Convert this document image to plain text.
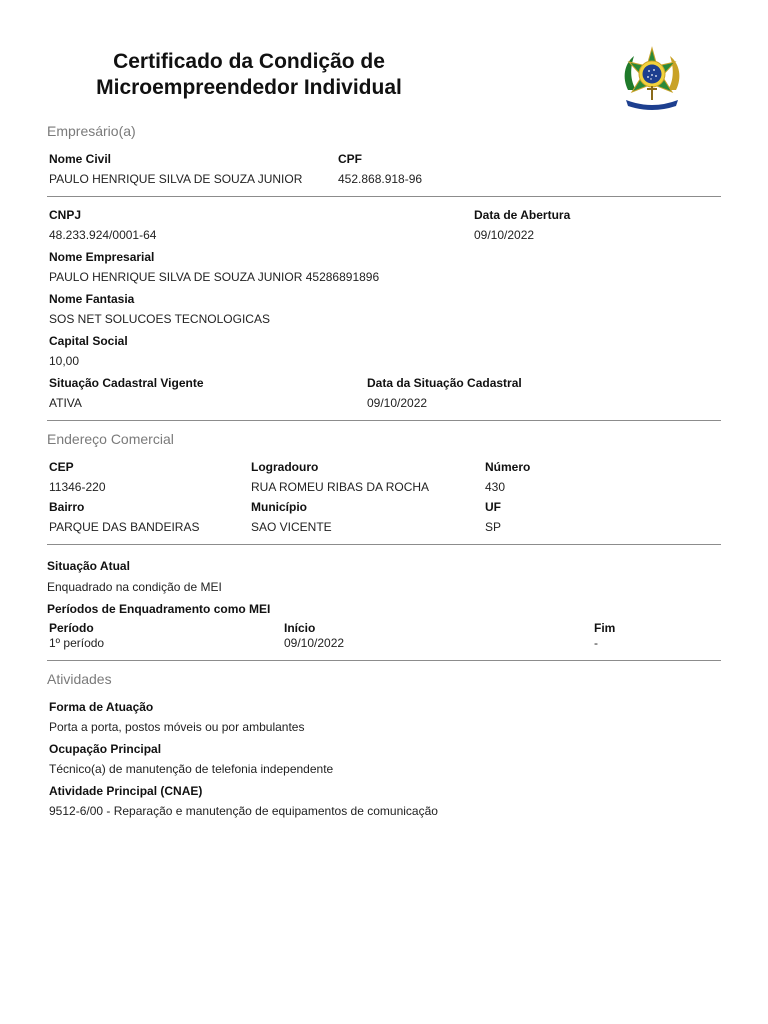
Certificado da Condição de
Microempreendedor Individual
Empresário(a)
Nome Civil
PAULO HENRIQUE SILVA DE SOUZA JUNIOR
CPF
452.868.918-96
CNPJ
48.233.924/0001-64
Data de Abertura
09/10/2022
Nome Empresarial
PAULO HENRIQUE SILVA DE SOUZA JUNIOR 45286891896
Nome Fantasia
SOS NET SOLUCOES TECNOLOGICAS
Capital Social
10,00
Situação Cadastral Vigente
ATIVA
Data da Situação Cadastral
09/10/2022
Endereço Comercial
CEP
11346-220
Logradouro
RUA ROMEU RIBAS DA ROCHA
Número
430
Bairro
PARQUE DAS BANDEIRAS
Município
SAO VICENTE
UF
SP
Situação Atual
Enquadrado na condição de MEI
Períodos de Enquadramento como MEI
Período	Início	Fim
1º período	09/10/2022	-
Atividades
Forma de Atuação
Porta a porta, postos móveis ou por ambulantes
Ocupação Principal
Técnico(a) de manutenção de telefonia independente
Atividade Principal (CNAE)
9512-6/00 - Reparação e manutenção de equipamentos de comunicação
